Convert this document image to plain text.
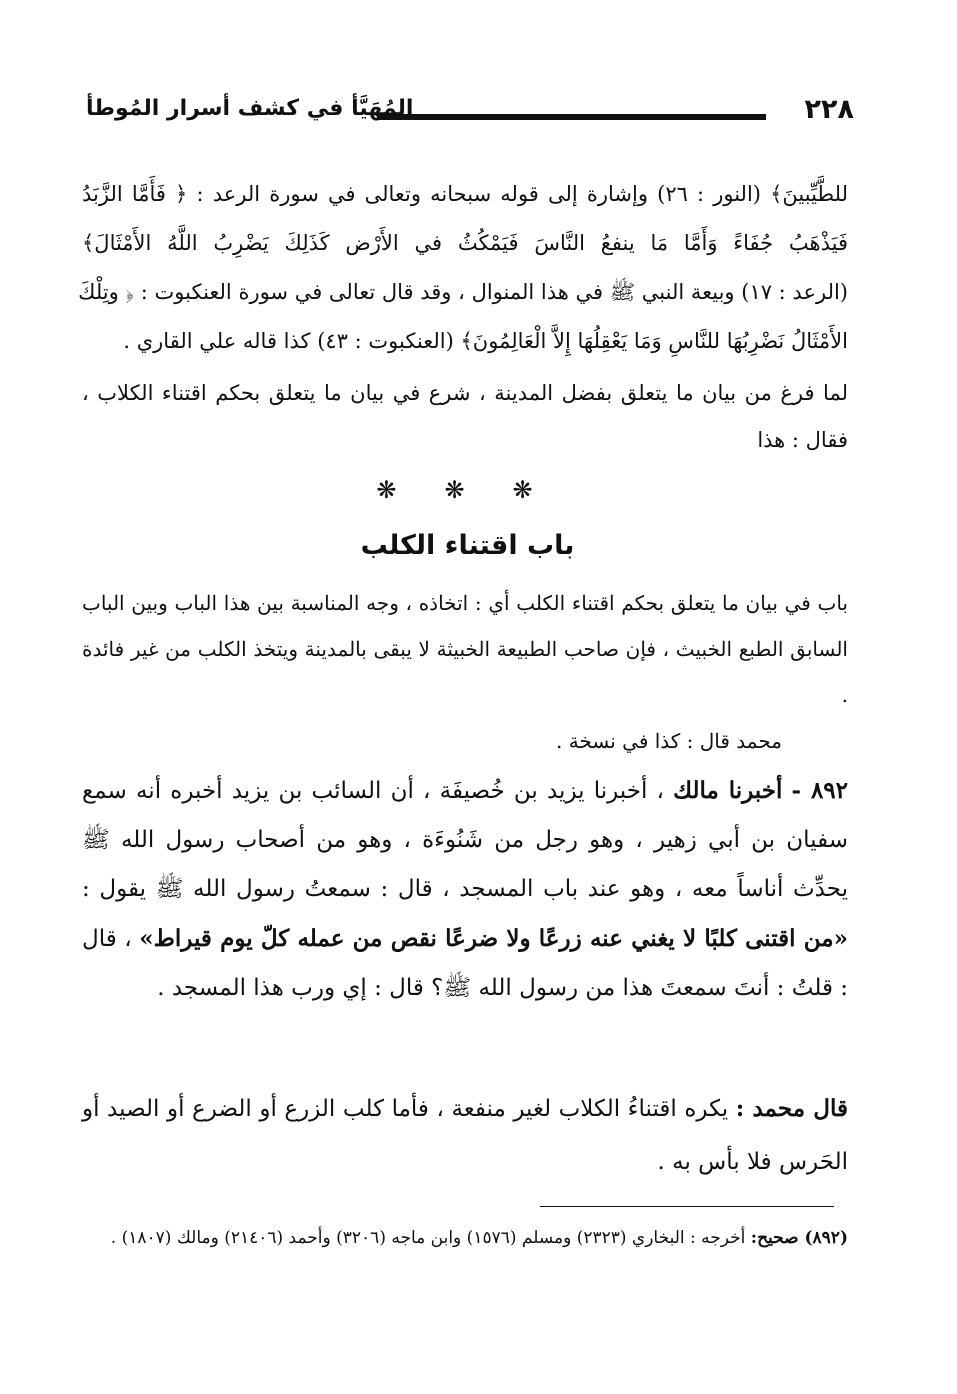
٢٢٨
المُهَيَّأ في كشف أسرار المُوطأ
للطَّيِّبينَ﴾ (النور : ٢٦) وإشارة إلى قوله سبحانه وتعالى في سورة الرعد : ﴿ فَأَمَّا الزَّبَدُ
فَيَذْهَبُ جُفَاءً وَأَمَّا مَا ينفعُ النَّاسَ فَيَمْكُثُ في الأَرْض كَذَلِكَ يَضْرِبُ اللَّهُ الأَمْثَالَ﴾
(الرعد : ١٧) وبيعة النبي ﷺ في هذا المنوال ، وقد قال تعالى في سورة العنكبوت : ﴿ وتِلْكَ
الأَمْثَالُ نَضْرِبُهَا للنَّاسِ وَمَا يَعْقِلُهَا إِلاَّ الْعَالِمُونَ﴾ (العنكبوت : ٤٣) كذا قاله علي القاري .
لما فرغ من بيان ما يتعلق بفضل المدينة ، شرع في بيان ما يتعلق بحكم اقتناء الكلاب ، فقال : هذا
❋❋❋
باب اقتناء الكلب
باب في بيان ما يتعلق بحكم اقتناء الكلب أي : اتخاذه ، وجه المناسبة بين هذا الباب وبين الباب السابق الطبع الخبيث ، فإن صاحب الطبيعة الخبيثة لا يبقى بالمدينة ويتخذ الكلب من غير فائدة .
محمد قال : كذا في نسخة .
٨٩٢ - أخبرنا مالك ، أخبرنا يزيد بن خُصيفَة ، أن السائب بن يزيد أخبره أنه سمع سفيان بن أبي زهير ، وهو رجل من شَنُوءَة ، وهو من أصحاب رسول الله ﷺ يحدِّث أناساً معه ، وهو عند باب المسجد ، قال : سمعتُ رسول الله ﷺ يقول : «من اقتنى كلبًا لا يغني عنه زرعًا ولا ضرعًا نقص من عمله كلّ يوم قيراط» ، قال : قلتُ : أنتَ سمعتَ هذا من رسول الله ﷺ؟ قال : إي ورب هذا المسجد .
قال محمد : يكره اقتناءُ الكلاب لغير منفعة ، فأما كلب الزرع أو الضرع أو الصيد أو الحَرس فلا بأس به .
(٨٩٢) صحيح: أخرجه : البخاري (٢٣٢٣) ومسلم (١٥٧٦) وابن ماجه (٣٢٠٦) وأحمد (٢١٤٠٦) ومالك (١٨٠٧) .
